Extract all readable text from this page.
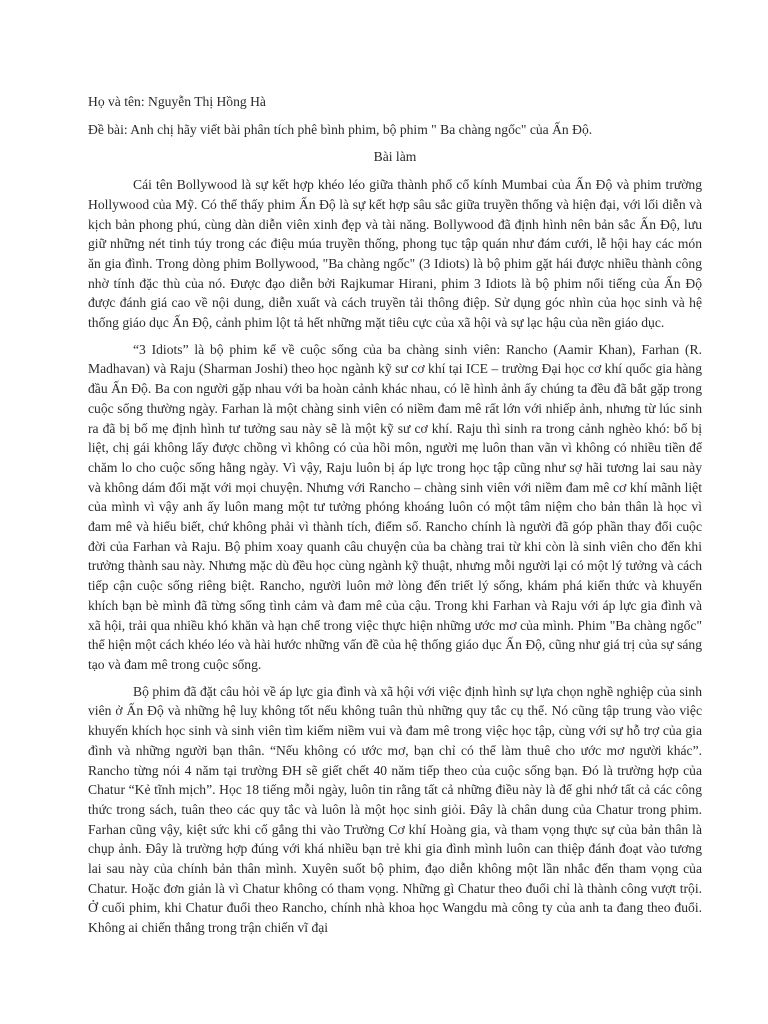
Họ và tên: Nguyễn Thị Hồng Hà

Đề bài: Anh chị hãy viết bài phân tích phê bình phim, bộ phim " Ba chàng ngốc" của Ấn Độ.

Bài làm

Cái tên Bollywood là sự kết hợp khéo léo giữa thành phố cổ kính Mumbai của Ấn Độ và phim trường Hollywood của Mỹ. Có thể thấy phim Ấn Độ là sự kết hợp sâu sắc giữa truyền thống và hiện đại, với lối diễn và kịch bản phong phú, cùng dàn diễn viên xinh đẹp và tài năng. Bollywood đã định hình nên bản sắc Ấn Độ, lưu giữ những nét tinh túy trong các điệu múa truyền thống, phong tục tập quán như đám cưới, lễ hội hay các món ăn gia đình. Trong dòng phim Bollywood, "Ba chàng ngốc" (3 Idiots) là bộ phim gặt hái được nhiều thành công nhờ tính đặc thù của nó. Được đạo diễn bởi Rajkumar Hirani, phim 3 Idiots là bộ phim nổi tiếng của Ấn Độ được đánh giá cao về nội dung, diễn xuất và cách truyền tải thông điệp. Sử dụng góc nhìn của học sinh và hệ thống giáo dục Ấn Độ, cảnh phim lột tả hết những mặt tiêu cực của xã hội và sự lạc hậu của nền giáo dục.

“3 Idiots” là bộ phim kể về cuộc sống của ba chàng sinh viên: Rancho (Aamir Khan), Farhan (R. Madhavan) và Raju (Sharman Joshi) theo học ngành kỹ sư cơ khí tại ICE – trường Đại học cơ khí quốc gia hàng đầu Ấn Độ. Ba con người gặp nhau với ba hoàn cảnh khác nhau, có lẽ hình ảnh ấy chúng ta đều đã bắt gặp trong cuộc sống thường ngày. Farhan là một chàng sinh viên có niềm đam mê rất lớn với nhiếp ảnh, nhưng từ lúc sinh ra đã bị bố mẹ định hình tư tưởng sau này sẽ là một kỹ sư cơ khí. Raju thì sinh ra trong cảnh nghèo khó: bố bị liệt, chị gái không lấy được chồng vì không có của hồi môn, người mẹ luôn than vãn vì không có nhiều tiền để chăm lo cho cuộc sống hằng ngày. Vì vậy, Raju luôn bị áp lực trong học tập cũng như sợ hãi tương lai sau này và không dám đối mặt với mọi chuyện. Nhưng với Rancho – chàng sinh viên với niềm đam mê cơ khí mãnh liệt của mình vì vậy anh ấy luôn mang một tư tưởng phóng khoáng luôn có một tâm niệm cho bản thân là học vì đam mê và hiểu biết, chứ không phải vì thành tích, điểm số. Rancho chính là người đã góp phần thay đổi cuộc đời của Farhan và Raju. Bộ phim xoay quanh câu chuyện của ba chàng trai từ khi còn là sinh viên cho đến khi trưởng thành sau này. Nhưng mặc dù đều học cùng ngành kỹ thuật, nhưng mỗi người lại có một lý tưởng và cách tiếp cận cuộc sống riêng biệt. Rancho, người luôn mở lòng đến triết lý sống, khám phá kiến thức và khuyến khích bạn bè mình đã từng sống tình cảm và đam mê của cậu. Trong khi Farhan và Raju với áp lực gia đình và xã hội, trải qua nhiều khó khăn và hạn chế trong việc thực hiện những ước mơ của mình. Phim "Ba chàng ngốc" thể hiện một cách khéo léo và hài hước những vấn đề của hệ thống giáo dục Ấn Độ, cũng như giá trị của sự sáng tạo và đam mê trong cuộc sống.

Bộ phim đã đặt câu hỏi về áp lực gia đình và xã hội với việc định hình sự lựa chọn nghề nghiệp của sinh viên ở Ấn Độ và những hệ luỵ không tốt nếu không tuân thủ những quy tắc cụ thể. Nó cũng tập trung vào việc khuyến khích học sinh và sinh viên tìm kiếm niềm vui và đam mê trong việc học tập, cùng với sự hỗ trợ của gia đình và những người bạn thân. “Nếu không có ước mơ, bạn chỉ có thể làm thuê cho ước mơ người khác”. Rancho từng nói 4 năm tại trường ĐH sẽ giết chết 40 năm tiếp theo của cuộc sống bạn. Đó là trường hợp của Chatur “Kẻ tĩnh mịch”. Học 18 tiếng mỗi ngày, luôn tin rằng tất cả những điều này là để ghi nhớ tất cả các công thức trong sách, tuân theo các quy tắc và luôn là một học sinh giỏi. Đây là chân dung của Chatur trong phim. Farhan cũng vậy, kiệt sức khi cố gắng thi vào Trường Cơ khí Hoàng gia, và tham vọng thực sự của bản thân là chụp ảnh. Đây là trường hợp đúng với khá nhiều bạn trẻ khi gia đình mình luôn can thiệp đánh đoạt vào tương lai sau này của chính bản thân mình. Xuyên suốt bộ phim, đạo diễn không một lần nhắc đến tham vọng của Chatur. Hoặc đơn giản là vì Chatur không có tham vọng. Những gì Chatur theo đuổi chỉ là thành công vượt trội. Ở cuối phim, khi Chatur đuổi theo Rancho, chính nhà khoa học Wangdu mà công ty của anh ta đang theo đuổi. Không ai chiến thắng trong trận chiến vĩ đại
